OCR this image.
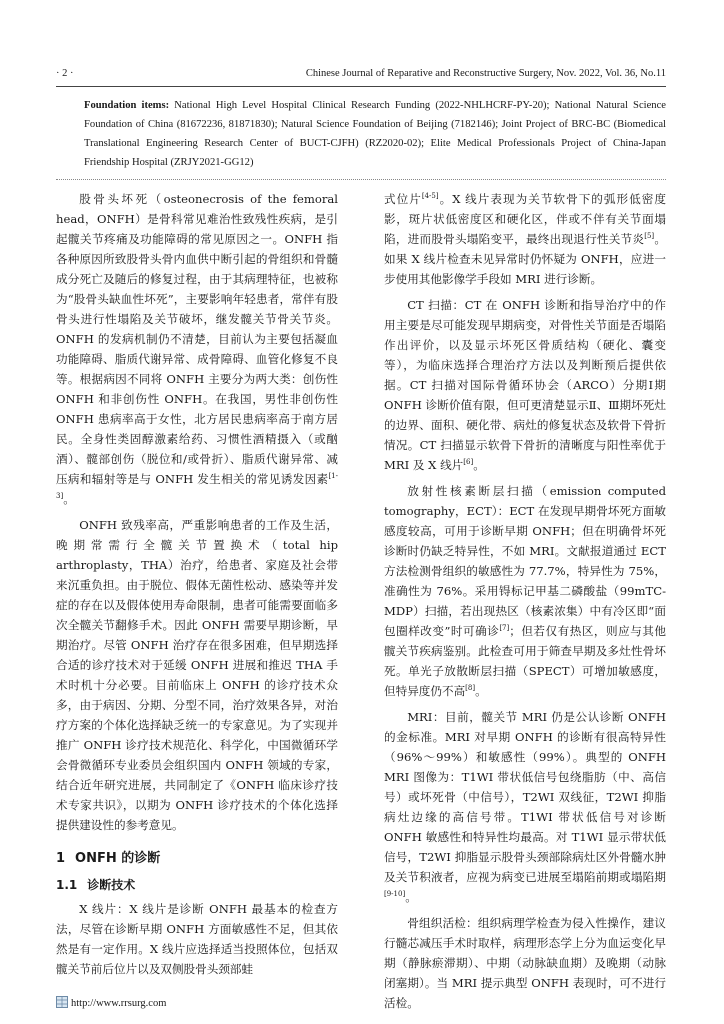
· 2 ·	Chinese Journal of Reparative and Reconstructive Surgery, Nov. 2022, Vol. 36, No.11

Foundation items: National High Level Hospital Clinical Research Funding (2022-NHLHCRF-PY-20); National Natural Science Foundation of China (81672236, 81871830); Natural Science Foundation of Beijing (7182146); Joint Project of BRC-BC (Biomedical Translational Engineering Research Center of BUCT-CJFH) (RZ2020-02); Elite Medical Professionals Project of China-Japan Friendship Hospital (ZRJY2021-GG12)

股骨头坏死（osteonecrosis of the femoral head，ONFH）是骨科常见难治性致残性疾病，是引起髋关节疼痛及功能障碍的常见原因之一。ONFH 指各种原因所致股骨头骨内血供中断引起的骨组织和骨髓成分死亡及随后的修复过程，由于其病理特征，也被称为“股骨头缺血性坏死”，主要影响年轻患者，常伴有股骨头进行性塌陷及关节破坏，继发髋关节骨关节炎。ONFH 的发病机制仍不清楚，目前认为主要包括凝血功能障碍、脂质代谢异常、成骨障碍、血管化修复不良等。根据病因不同将 ONFH 主要分为两大类：创伤性 ONFH 和非创伤性 ONFH。在我国，男性非创伤性 ONFH 患病率高于女性，北方居民患病率高于南方居民。全身性类固醇激素给药、习惯性酒精摄入（或酗酒）、髋部创伤（脱位和/或骨折）、脂质代谢异常、减压病和辐射等是与 ONFH 发生相关的常见诱发因素[1-3]。

ONFH 致残率高，严重影响患者的工作及生活，晚期常需行全髋关节置换术（total hip arthroplasty，THA）治疗，给患者、家庭及社会带来沉重负担。由于脱位、假体无菌性松动、感染等并发症的存在以及假体使用寿命限制，患者可能需要面临多次全髋关节翻修手术。因此 ONFH 需要早期诊断，早期治疗。尽管 ONFH 治疗存在很多困难，但早期选择合适的诊疗技术对于延缓 ONFH 进展和推迟 THA 手术时机十分必要。目前临床上 ONFH 的诊疗技术众多，由于病因、分期、分型不同，治疗效果各异，对治疗方案的个体化选择缺乏统一的专家意见。为了实现并推广 ONFH 诊疗技术规范化、科学化，中国微循环学会骨微循环专业委员会组织国内 ONFH 领域的专家，结合近年研究进展，共同制定了《ONFH 临床诊疗技术专家共识》，以期为 ONFH 诊疗技术的个体化选择提供建设性的参考意见。

1 ONFH 的诊断
1.1 诊断技术

X 线片：X 线片是诊断 ONFH 最基本的检查方法，尽管在诊断早期 ONFH 方面敏感性不足，但其依然是有一定作用。X 线片应选择适当投照体位，包括双髋关节前后位片以及双侧股骨头颈部蛙

式位片[4-5]。X 线片表现为关节软骨下的弧形低密度影，斑片状低密度区和硬化区，伴或不伴有关节面塌陷，进而股骨头塌陷变平，最终出现退行性关节炎[5]。如果 X 线片检查未见异常时仍怀疑为 ONFH，应进一步使用其他影像学手段如 MRI 进行诊断。

CT 扫描：CT 在 ONFH 诊断和指导治疗中的作用主要是尽可能发现早期病变，对骨性关节面是否塌陷作出评价，以及显示坏死区骨质结构（硬化、囊变等），为临床选择合理治疗方法以及判断预后提供依据。CT 扫描对国际骨循环协会（ARCO）分期Ⅰ期 ONFH 诊断价值有限，但可更清楚显示Ⅱ、Ⅲ期坏死灶的边界、面积、硬化带、病灶的修复状态及软骨下骨折情况。CT 扫描显示软骨下骨折的清晰度与阳性率优于 MRI 及 X 线片[6]。

放射性核素断层扫描（emission computed tomography，ECT）：ECT 在发现早期骨坏死方面敏感度较高，可用于诊断早期 ONFH；但在明确骨坏死诊断时仍缺乏特异性，不如 MRI。文献报道通过 ECT 方法检测骨组织的敏感性为 77.7%，特异性为 75%，准确性为 76%。采用锝标记甲基二磷酸盐（99mTC-MDP）扫描，若出现热区（核素浓集）中有冷区即“面包圈样改变”时可确诊[7]；但若仅有热区，则应与其他髋关节疾病鉴别。此检查可用于筛查早期及多灶性骨坏死。单光子放散断层扫描（SPECT）可增加敏感度，但特异度仍不高[8]。

MRI：目前，髋关节 MRI 仍是公认诊断 ONFH 的金标准。MRI 对早期 ONFH 的诊断有很高特异性（96%～99%）和敏感性（99%）。典型的 ONFH MRI 图像为：T1WI 带状低信号包绕脂肪（中、高信号）或坏死骨（中信号），T2WI 双线征，T2WI 抑脂病灶边缘的高信号带。T1WI 带状低信号对诊断 ONFH 敏感性和特异性均最高。对 T1WI 显示带状低信号，T2WI 抑脂显示股骨头颈部除病灶区外骨髓水肿及关节积液者，应视为病变已进展至塌陷前期或塌陷期[9-10]。

骨组织活检：组织病理学检查为侵入性操作，建议行髓芯减压手术时取样，病理形态学上分为血运变化早期（静脉瘀滞期）、中期（动脉缺血期）及晚期（动脉闭塞期）。当 MRI 提示典型 ONFH 表现时，可不进行活检。

http://www.rrsurg.com
